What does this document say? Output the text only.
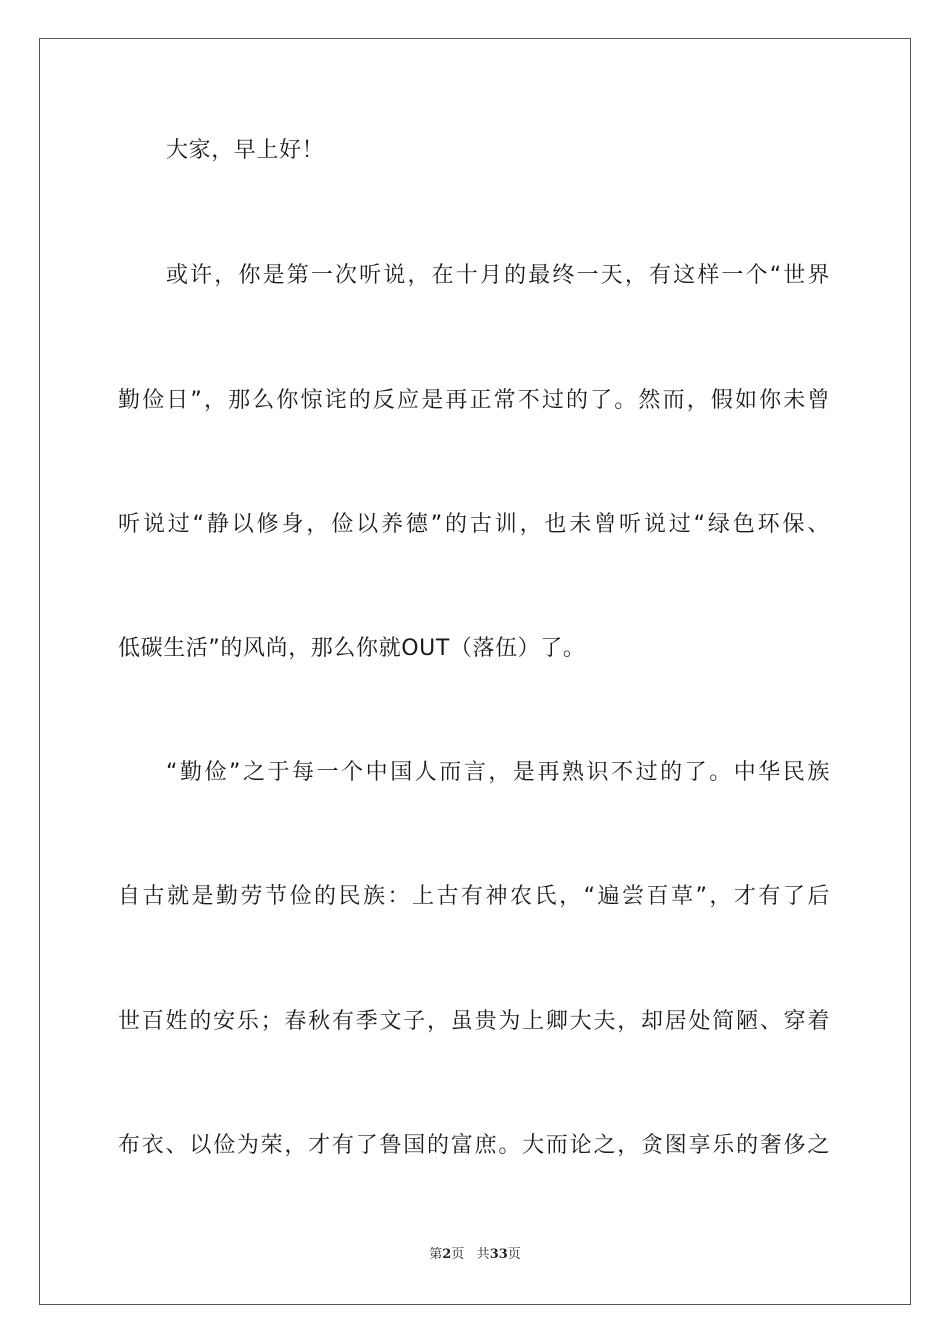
大家，早上好！
或许，你是第一次听说，在十月的最终一天，有这样一个“世界
勤俭日”，那么你惊诧的反应是再正常不过的了。然而，假如你未曾
听说过“静以修身，俭以养德”的古训，也未曾听说过“绿色环保、
低碳生活”的风尚，那么你就OUT（落伍）了。
“勤俭”之于每一个中国人而言，是再熟识不过的了。中华民族
自古就是勤劳节俭的民族：上古有神农氏，“遍尝百草”，才有了后
世百姓的安乐；春秋有季文子，虽贵为上卿大夫，却居处简陋、穿着
布衣、以俭为荣，才有了鲁国的富庶。大而论之，贪图享乐的奢侈之
第2页 共33页
